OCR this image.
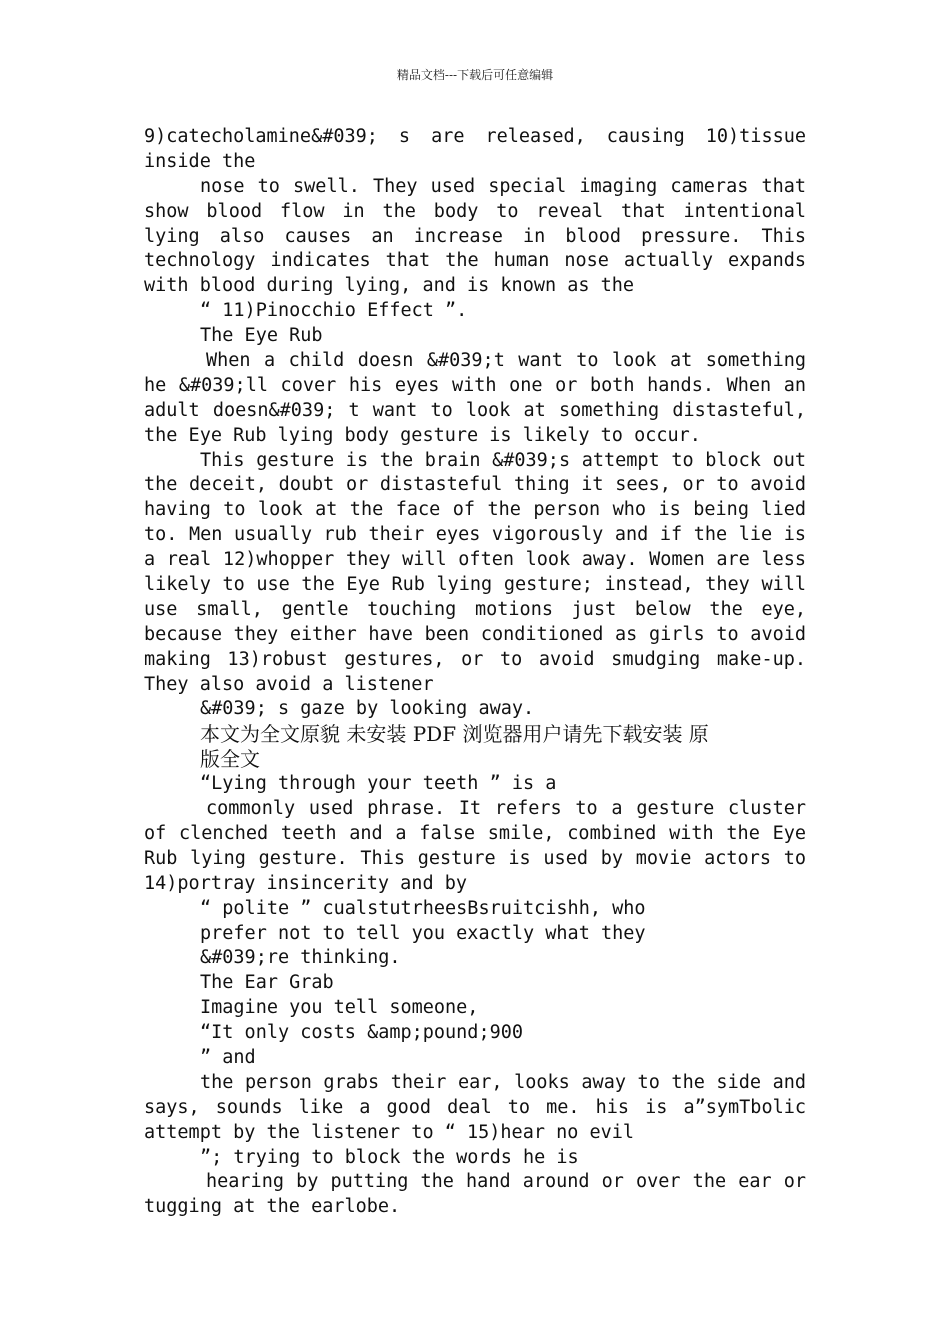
精品文档---下载后可任意编辑
9)catecholamine&#039; s are released, causing 10)tissue
inside the
nose to swell. They used special imaging cameras that
show blood flow in the body to reveal that intentional
lying also causes an increase in blood pressure. This
technology indicates that the human nose actually expands
with blood during lying, and is known as the
“ 11)Pinocchio Effect ”.
The Eye Rub
When a child doesn &#039;t want to look at something
he &#039;ll cover his eyes with one or both hands. When an
adult doesn&#039; t want to look at something distasteful,
the Eye Rub lying body gesture is likely to occur.
This gesture is the brain &#039;s attempt to block out
the deceit, doubt or distasteful thing it sees, or to avoid
having to look at the face of the person who is being lied
to. Men usually rub their eyes vigorously and if the lie is
a real 12)whopper they will often look away. Women are less
likely to use the Eye Rub lying gesture; instead, they will
use small, gentle touching motions just below the eye,
because they either have been conditioned as girls to avoid
making 13)robust gestures, or to avoid smudging make-up.
They also avoid a listener
&#039; s gaze by looking away.
本文为全文原貌 未安装 PDF 浏览器用户请先下载安装 原
版全文
“Lying through your teeth ” is a
commonly used phrase. It refers to a gesture cluster
of clenched teeth and a false smile, combined with the Eye
Rub lying gesture. This gesture is used by movie actors to
14)portray insincerity and by
“ polite ” cualstutrheesBsruitcishh, who
prefer not to tell you exactly what they
&#039;re thinking.
The Ear Grab
Imagine you tell someone,
“It only costs &amp;pound;900
” and
the person grabs their ear, looks away to the side and
says, sounds like a good deal to me. his is a”symTbolic
attempt by the listener to “ 15)hear no evil
”; trying to block the words he is
hearing by putting the hand around or over the ear or
tugging at the earlobe.
